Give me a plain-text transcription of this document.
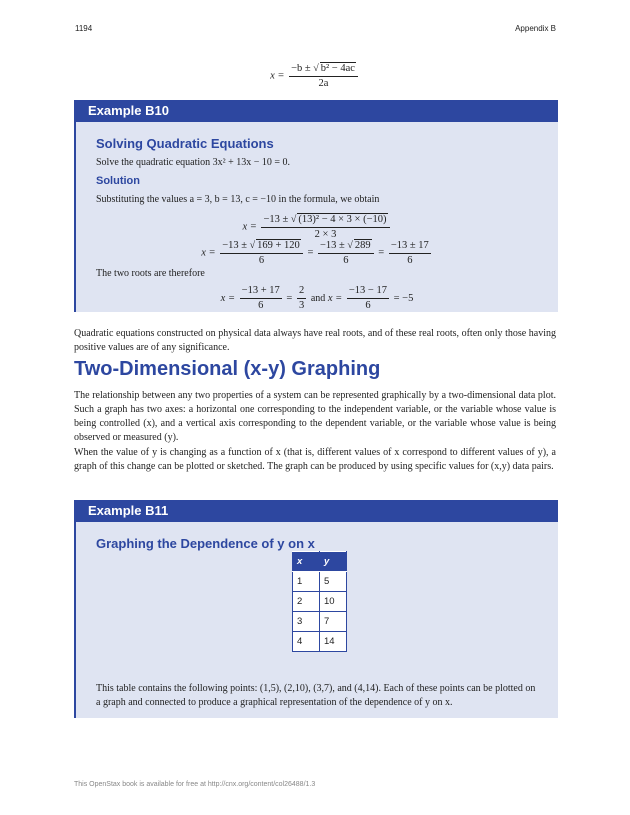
1194	Appendix B
$x = \frac{\text{−b ± √ b² − 4ac}}{2a}$
Example B10
Solving Quadratic Equations
Solve the quadratic equation 3x² + 13x − 10 = 0.
Solution
Substituting the values a = 3, b = 13, c = −10 in the formula, we obtain
$x = \frac{\text{−13 ± √ (13)² − 4 × 3 × (−10)}}{2 \times 3}$
$x = \frac{-13 \pm √ 169 + 120}{6} = \frac{-13 \pm √ 289}{6} = \frac{-13 \pm 17}{6}$
The two roots are therefore
$x = \frac{-13 + 17}{6} = \frac{2}{3}$ and $x = \frac{-13 - 17}{6} = -5$
Quadratic equations constructed on physical data always have real roots, and of these real roots, often only those having positive values are of any significance.
Two-Dimensional (x-y) Graphing
The relationship between any two properties of a system can be represented graphically by a two-dimensional data plot. Such a graph has two axes: a horizontal one corresponding to the independent variable, or the variable whose value is being controlled (x), and a vertical axis corresponding to the dependent variable, or the variable whose value is being observed or measured (y).
When the value of y is changing as a function of x (that is, different values of x correspond to different values of y), a graph of this change can be plotted or sketched. The graph can be produced by using specific values for (x,y) data pairs.
Example B11
Graphing the Dependence of y on x
x	y
1	5
2	10
3	7
4	14
This table contains the following points: (1,5), (2,10), (3,7), and (4,14). Each of these points can be plotted on a graph and connected to produce a graphical representation of the dependence of y on x.
This OpenStax book is available for free at http://cnx.org/content/col26488/1.3
